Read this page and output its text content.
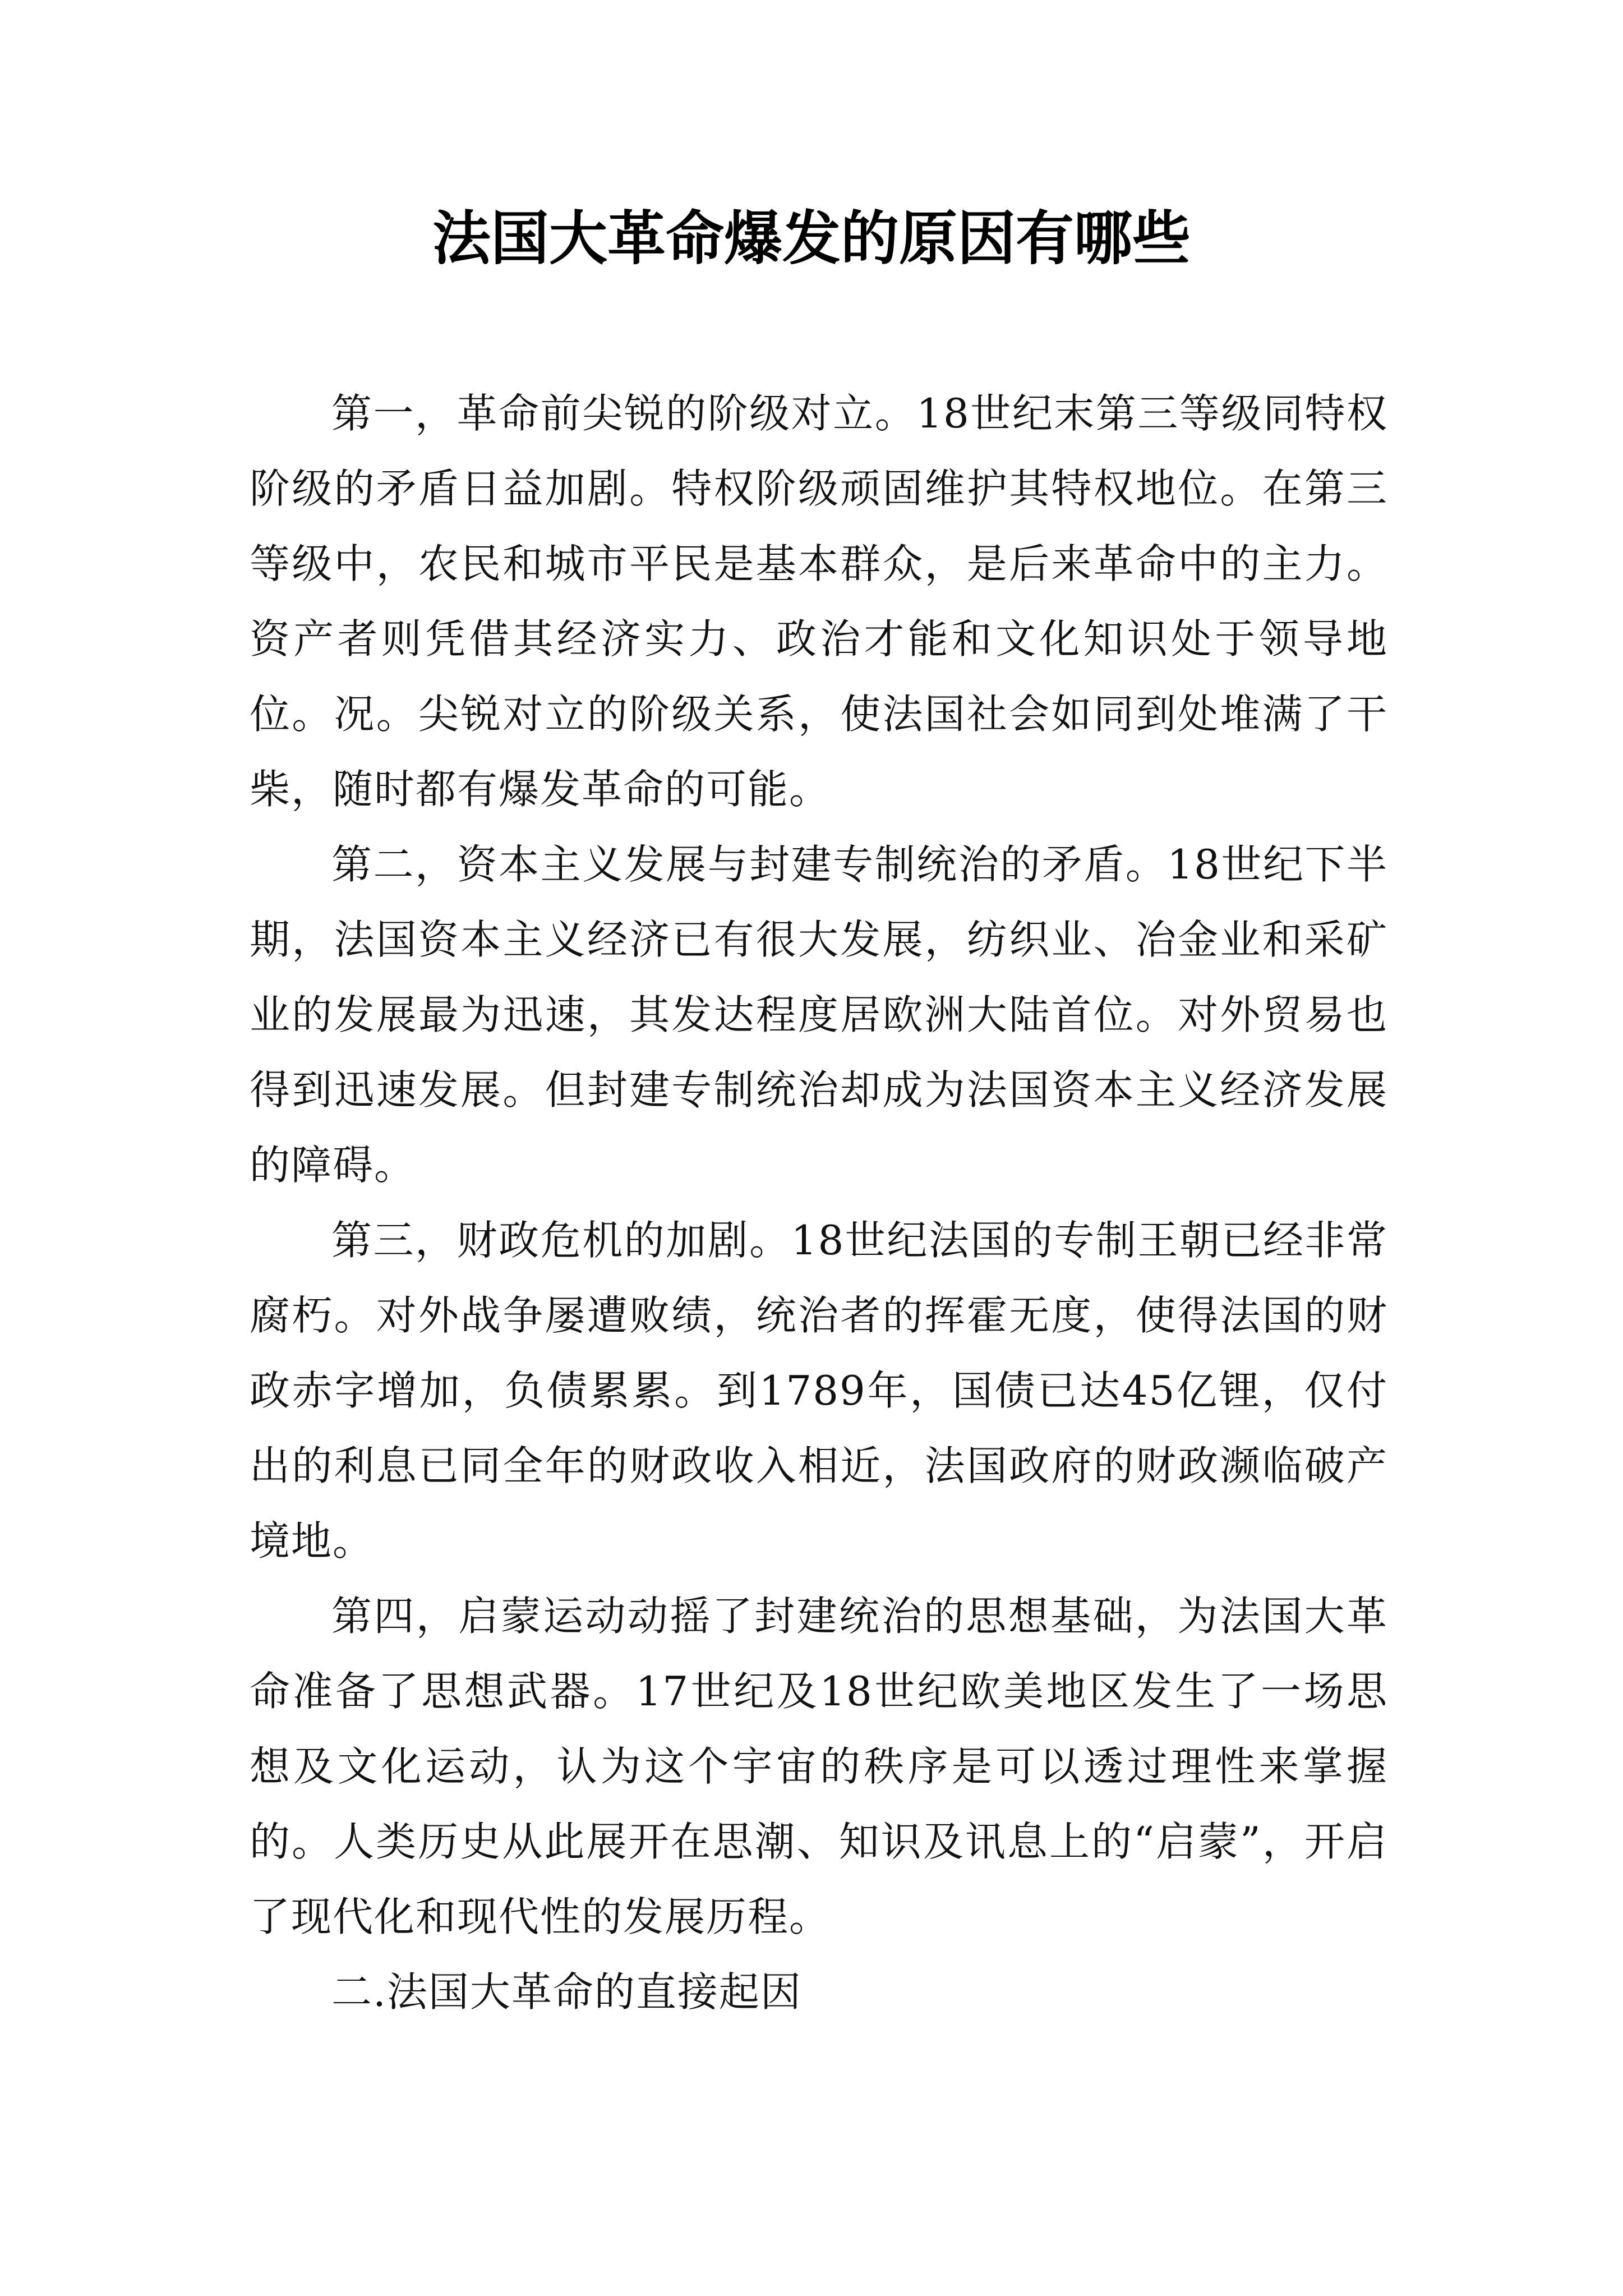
法国大革命爆发的原因有哪些

第一，革命前尖锐的阶级对立。18世纪末第三等级同特权阶级的矛盾日益加剧。特权阶级顽固维护其特权地位。在第三等级中，农民和城市平民是基本群众，是后来革命中的主力。资产者则凭借其经济实力、政治才能和文化知识处于领导地位。况。尖锐对立的阶级关系，使法国社会如同到处堆满了干柴，随时都有爆发革命的可能。

第二，资本主义发展与封建专制统治的矛盾。18世纪下半期，法国资本主义经济已有很大发展，纺织业、冶金业和采矿业的发展最为迅速，其发达程度居欧洲大陆首位。对外贸易也得到迅速发展。但封建专制统治却成为法国资本主义经济发展的障碍。

第三，财政危机的加剧。18世纪法国的专制王朝已经非常腐朽。对外战争屡遭败绩，统治者的挥霍无度，使得法国的财政赤字增加，负债累累。到1789年，国债已达45亿锂，仅付出的利息已同全年的财政收入相近，法国政府的财政濒临破产境地。

第四，启蒙运动动摇了封建统治的思想基础，为法国大革命准备了思想武器。17世纪及18世纪欧美地区发生了一场思想及文化运动，认为这个宇宙的秩序是可以透过理性来掌握的。人类历史从此展开在思潮、知识及讯息上的“启蒙”，开启了现代化和现代性的发展历程。

二.法国大革命的直接起因
